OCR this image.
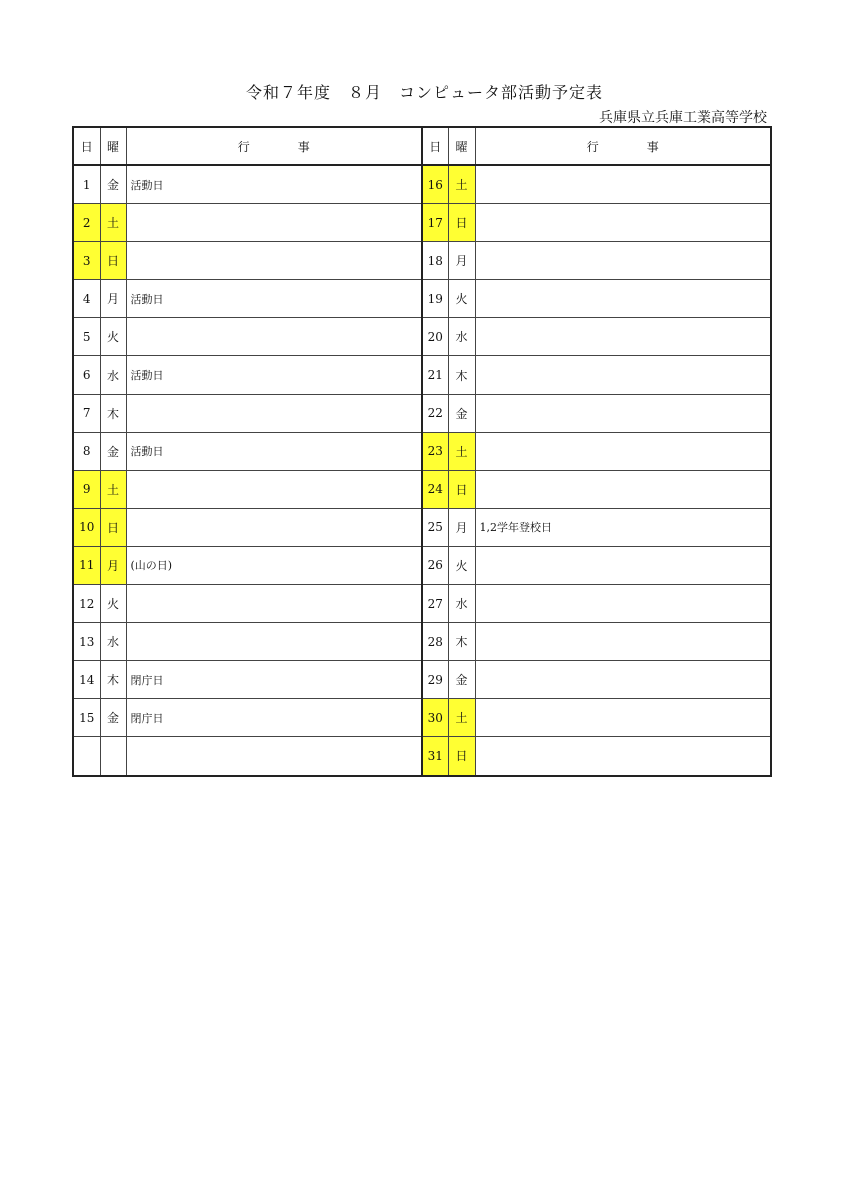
令和７年度　８月　コンピュータ部活動予定表
兵庫県立兵庫工業高等学校
日	曜	行 事	日	曜	行 事
1	金	活動日	16	土	
2	土		17	日	
3	日		18	月	
4	月	活動日	19	火	
5	火		20	水	
6	水	活動日	21	木	
7	木		22	金	
8	金	活動日	23	土	
9	土		24	日	
10	日		25	月	1,2学年登校日
11	月	(山の日)	26	火	
12	火		27	水	
13	水		28	木	
14	木	閉庁日	29	金	
15	金	閉庁日	30	土	
			31	日	
